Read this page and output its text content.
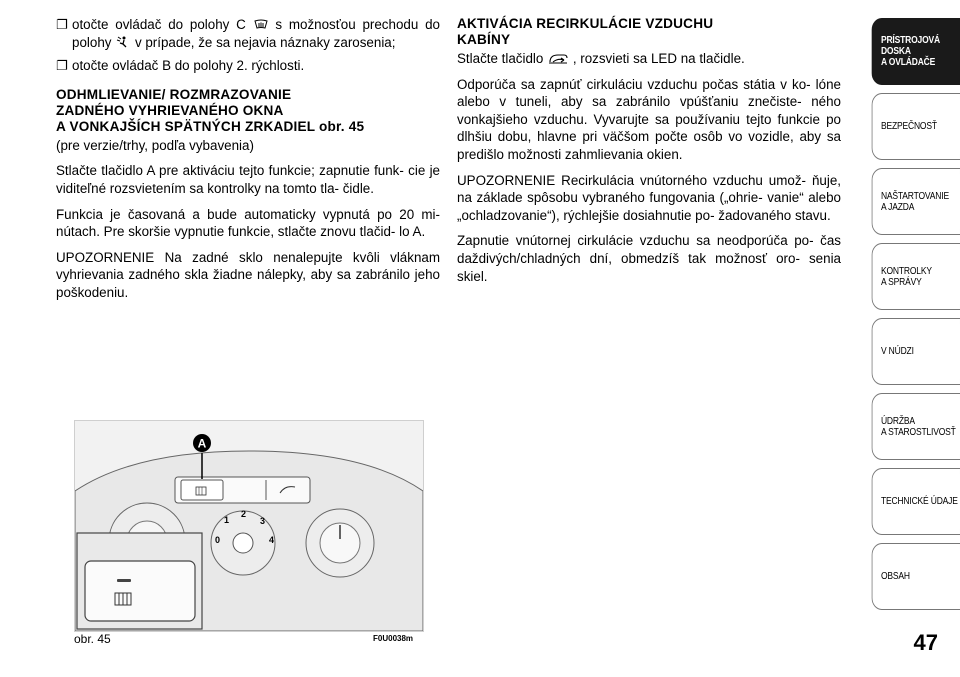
❐ otočte ovládač do polohy C s možnosťou prechodu do polohy v prípade, že sa nejavia náznaky zarosenia;
❐ otočte ovládač B do polohy 2. rýchlosti.
ODHMLIEVANIE/ ROZMRAZOVANIE
ZADNÉHO VYHRIEVANÉHO OKNA
A VONKAJŠÍCH SPÄTNÝCH ZRKADIEL obr. 45

(pre verzie/trhy, podľa vybavenia)

Stlačte tlačidlo A pre aktiváciu tejto funkcie; zapnutie funk- cie je viditeľné rozsvietením sa kontrolky na tomto tla- čidle.

Funkcia je časovaná a bude automaticky vypnutá po 20 mi- nútach. Pre skoršie vypnutie funkcie, stlačte znovu tlačid- lo A.

UPOZORNENIE Na zadné sklo nenalepujte kvôli vláknam vyhrievania zadného skla žiadne nálepky, aby sa zabránilo jeho poškodeniu.

AKTIVÁCIA RECIRKULÁCIE VZDUCHU
KABÍNY

Stlačte tlačidlo , rozsvieti sa LED na tlačidle.

Odporúča sa zapnúť cirkuláciu vzduchu počas státia v ko- lóne alebo v tuneli, aby sa zabránilo vpúšťaniu znečiste- ného vonkajšieho vzduchu. Vyvarujte sa používaniu tejto funkcie po dlhšiu dobu, hlavne pri väčšom počte osôb vo vozidle, aby sa predišlo možnosti zahmlievania okien.

UPOZORNENIE Recirkulácia vnútorného vzduchu umož- ňuje, na základe spôsobu vybraného fungovania („ohrie- vanie“ alebo „ochladzovanie“), rýchlejšie dosiahnutie po- žadovaného stavu.

Zapnutie vnútornej cirkulácie vzduchu sa neodporúča po- čas daždivých/chladných dní, obmedzíš tak možnosť oro- senia skiel.

A
0
1
2
3
4
obr. 45	F0U0038m
PRÍSTROJOVÁ
DOSKA
A OVLÁDAČE
BEZPEČNOSŤ
NAŠTARTOVANIE
A JAZDA
KONTROLKY
A SPRÁVY
V NÚDZI
ÚDRŽBA
A STAROSTLIVOSŤ
TECHNICKÉ ÚDAJE
OBSAH
47
